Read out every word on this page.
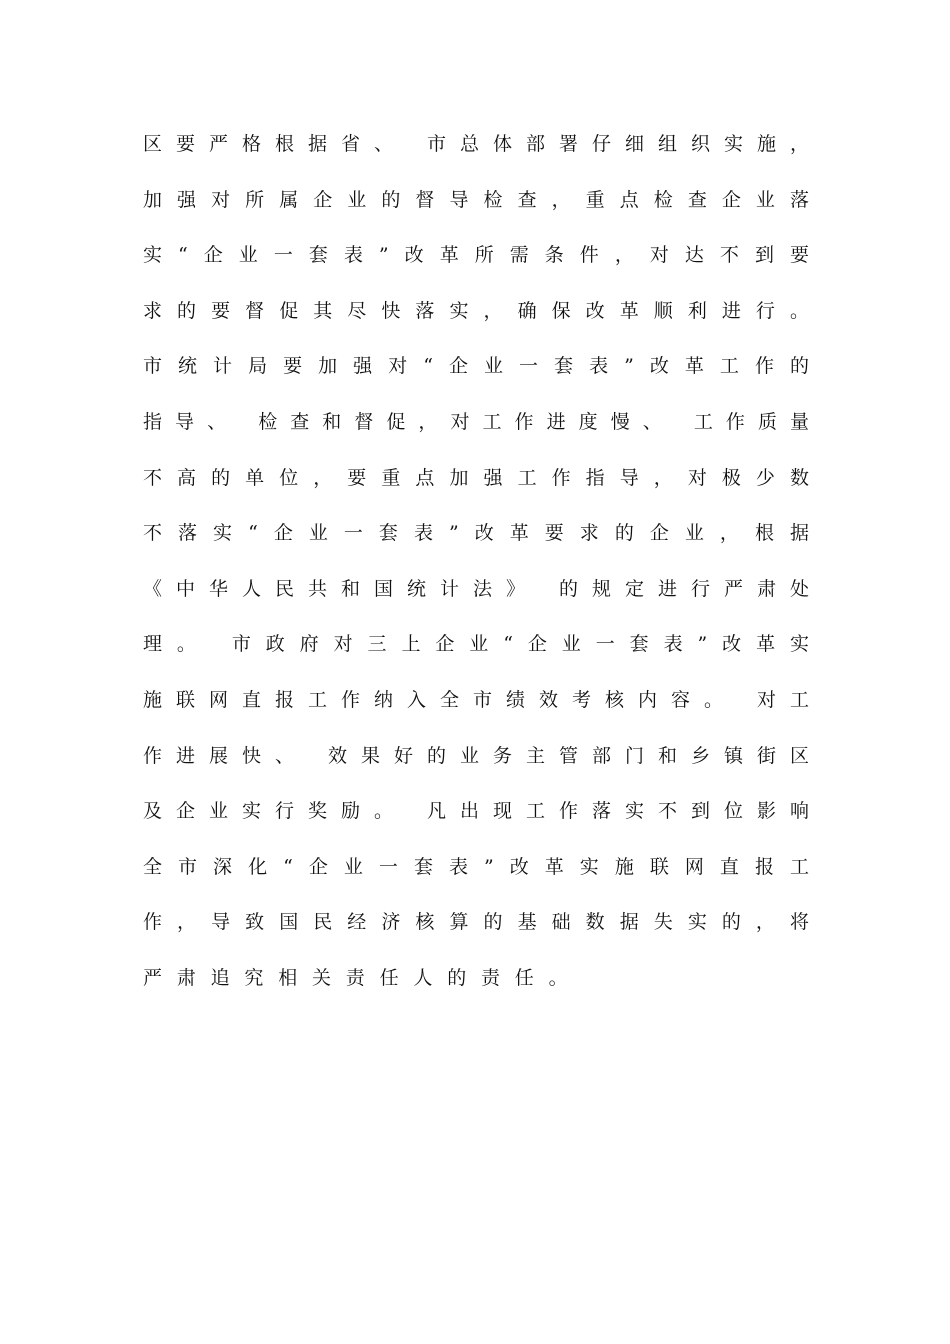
区要严格根据省、 市总体部署仔细组织实施，
加强对所属企业的督导检查，重点检查企业落
实“企业一套表”改革所需条件，对达不到要
求的要督促其尽快落实，确保改革顺利进行。
市统计局要加强对“企业一套表”改革工作的
指导、 检查和督促，对工作进度慢、 工作质量
不高的单位，要重点加强工作指导，对极少数
不落实“企业一套表”改革要求的企业，根据
《中华人民共和国统计法》 的规定进行严肃处
理。 市政府对三上企业“企业一套表”改革实
施联网直报工作纳入全市绩效考核内容。 对工
作进展快、 效果好的业务主管部门和乡镇街区
及企业实行奖励。 凡出现工作落实不到位影响
全市深化“企业一套表”改革实施联网直报工
作，导致国民经济核算的基础数据失实的，将
严肃追究相关责任人的责任。
